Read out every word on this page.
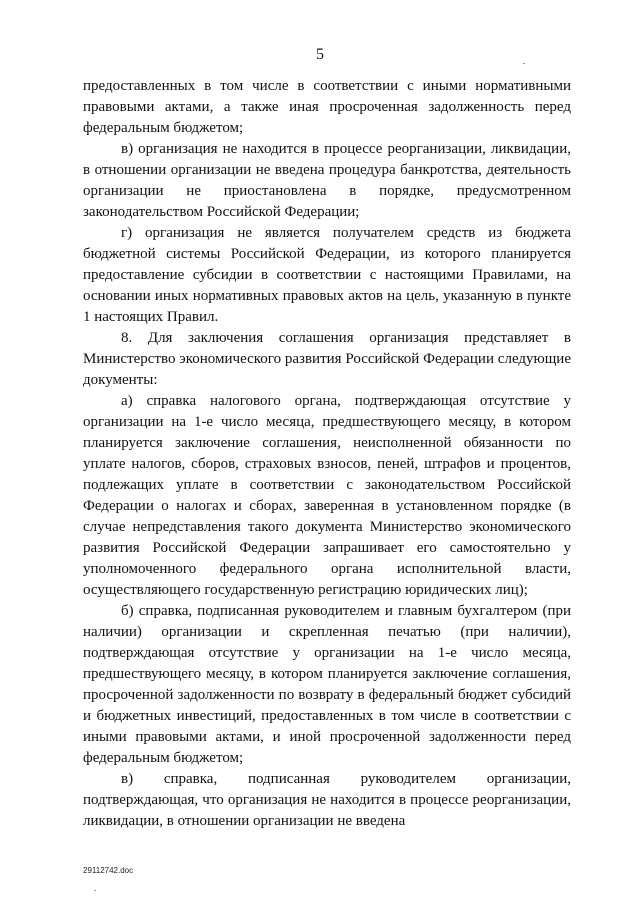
5

предоставленных в том числе в соответствии с иными нормативными правовыми актами, а также иная просроченная задолженность перед федеральным бюджетом;

в) организация не находится в процессе реорганизации, ликвидации, в отношении организации не введена процедура банкротства, деятельность организации не приостановлена в порядке, предусмотренном законодательством Российской Федерации;

г) организация не является получателем средств из бюджета бюджетной системы Российской Федерации, из которого планируется предоставление субсидии в соответствии с настоящими Правилами, на основании иных нормативных правовых актов на цель, указанную в пункте 1 настоящих Правил.

8. Для заключения соглашения организация представляет в Министерство экономического развития Российской Федерации следующие документы:

а) справка налогового органа, подтверждающая отсутствие у организации на 1-е число месяца, предшествующего месяцу, в котором планируется заключение соглашения, неисполненной обязанности по уплате налогов, сборов, страховых взносов, пеней, штрафов и процентов, подлежащих уплате в соответствии с законодательством Российской Федерации о налогах и сборах, заверенная в установленном порядке (в случае непредставления такого документа Министерство экономического развития Российской Федерации запрашивает его самостоятельно у уполномоченного федерального органа исполнительной власти, осуществляющего государственную регистрацию юридических лиц);

б) справка, подписанная руководителем и главным бухгалтером (при наличии) организации и скрепленная печатью (при наличии), подтверждающая отсутствие у организации на 1-е число месяца, предшествующего месяцу, в котором планируется заключение соглашения, просроченной задолженности по возврату в федеральный бюджет субсидий и бюджетных инвестиций, предоставленных в том числе в соответствии с иными правовыми актами, и иной просроченной задолженности перед федеральным бюджетом;

в) справка, подписанная руководителем организации, подтверждающая, что организация не находится в процессе реорганизации, ликвидации, в отношении организации не введена

29112742.doc
